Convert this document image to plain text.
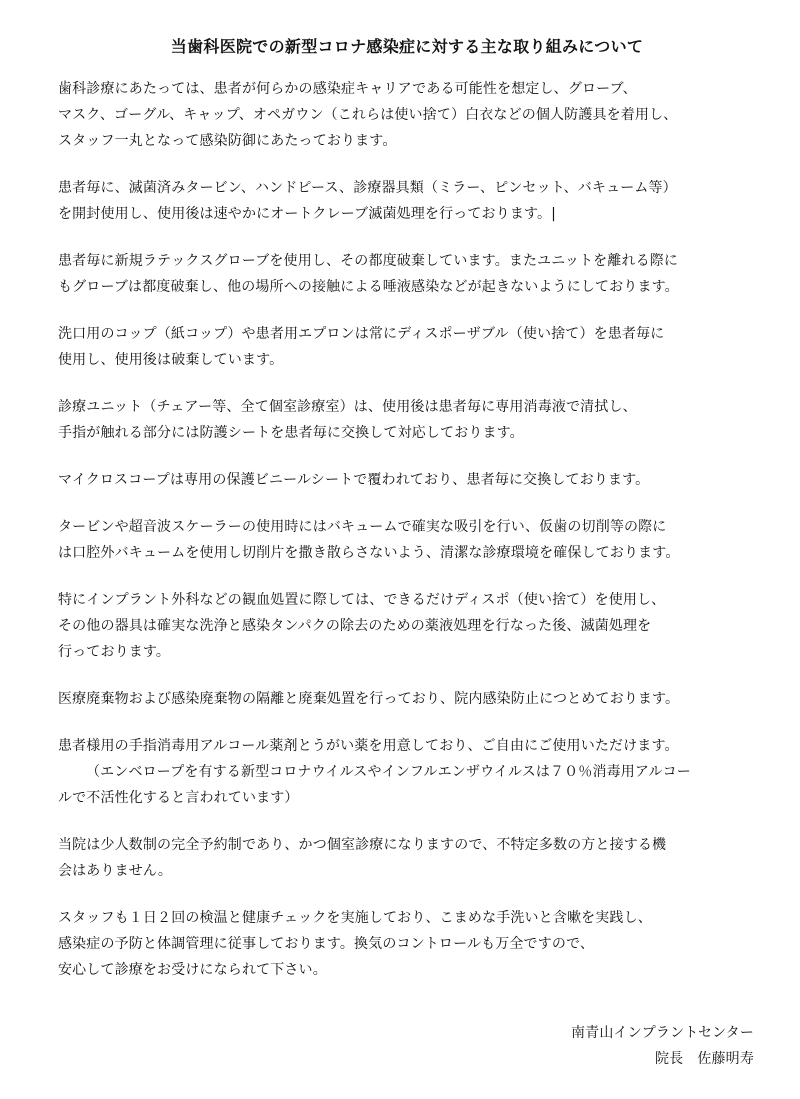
当歯科医院での新型コロナ感染症に対する主な取り組みについて
歯科診療にあたっては、患者が何らかの感染症キャリアである可能性を想定し、グローブ、
マスク、ゴーグル、キャップ、オペガウン（これらは使い捨て）白衣などの個人防護具を着用し、
スタッフ一丸となって感染防御にあたっております。
患者毎に、滅菌済みタービン、ハンドピース、診療器具類（ミラー、ピンセット、バキューム等）
を開封使用し、使用後は速やかにオートクレーブ滅菌処理を行っております。|
患者毎に新規ラテックスグローブを使用し、その都度破棄しています。またユニットを離れる際に
もグローブは都度破棄し、他の場所への接触による唾液感染などが起きないようにしております。
洗口用のコップ（紙コップ）や患者用エプロンは常にディスポーザブル（使い捨て）を患者毎に
使用し、使用後は破棄しています。
診療ユニット（チェアー等、全て個室診療室）は、使用後は患者毎に専用消毒液で清拭し、
手指が触れる部分には防護シートを患者毎に交換して対応しております。
マイクロスコープは専用の保護ビニールシートで覆われており、患者毎に交換しております。
タービンや超音波スケーラーの使用時にはバキュームで確実な吸引を行い、仮歯の切削等の際に
は口腔外バキュームを使用し切削片を撒き散らさないよう、清潔な診療環境を確保しております。
特にインプラント外科などの観血処置に際しては、できるだけディスポ（使い捨て）を使用し、
その他の器具は確実な洗浄と感染タンパクの除去のための薬液処理を行なった後、滅菌処理を
行っております。
医療廃棄物および感染廃棄物の隔離と廃棄処置を行っており、院内感染防止につとめております。
患者様用の手指消毒用アルコール薬剤とうがい薬を用意しており、ご自由にご使用いただけます。
（エンベロープを有する新型コロナウイルスやインフルエンザウイルスは７０％消毒用アルコー
ルで不活性化すると言われています）
当院は少人数制の完全予約制であり、かつ個室診療になりますので、不特定多数の方と接する機
会はありません。
スタッフも１日２回の検温と健康チェックを実施しており、こまめな手洗いと含嗽を実践し、
感染症の予防と体調管理に従事しております。換気のコントロールも万全ですので、
安心して診療をお受けになられて下さい。
南青山インプラントセンター
院長　佐藤明寿
